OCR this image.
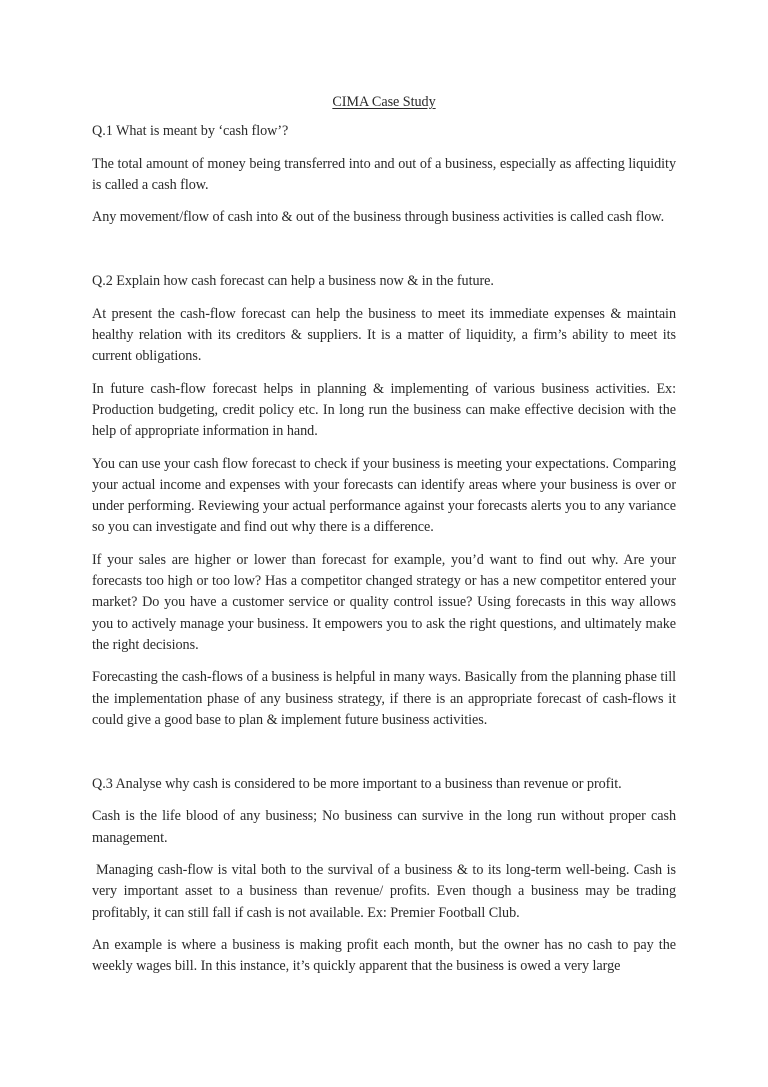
CIMA Case Study
Q.1 What is meant by ‘cash flow’?
The total amount of money being transferred into and out of a business, especially as affecting liquidity is called a cash flow.
Any movement/flow of cash into & out of the business through business activities is called cash flow.
Q.2 Explain how cash forecast can help a business now & in the future.
At present the cash-flow forecast can help the business to meet its immediate expenses & maintain healthy relation with its creditors & suppliers. It is a matter of liquidity, a firm’s ability to meet its current obligations.
In future cash-flow forecast helps in planning & implementing of various business activities. Ex: Production budgeting, credit policy etc. In long run the business can make effective decision with the help of appropriate information in hand.
You can use your cash flow forecast to check if your business is meeting your expectations. Comparing your actual income and expenses with your forecasts can identify areas where your business is over or under performing. Reviewing your actual performance against your forecasts alerts you to any variance so you can investigate and find out why there is a difference.
If your sales are higher or lower than forecast for example, you’d want to find out why. Are your forecasts too high or too low? Has a competitor changed strategy or has a new competitor entered your market? Do you have a customer service or quality control issue? Using forecasts in this way allows you to actively manage your business. It empowers you to ask the right questions, and ultimately make the right decisions.
Forecasting the cash-flows of a business is helpful in many ways. Basically from the planning phase till the implementation phase of any business strategy, if there is an appropriate forecast of cash-flows it could give a good base to plan & implement future business activities.
Q.3 Analyse why cash is considered to be more important to a business than revenue or profit.
Cash is the life blood of any business; No business can survive in the long run without proper cash management.
Managing cash-flow is vital both to the survival of a business & to its long-term well-being. Cash is very important asset to a business than revenue/ profits. Even though a business may be trading profitably, it can still fall if cash is not available. Ex: Premier Football Club.
An example is where a business is making profit each month, but the owner has no cash to pay the weekly wages bill. In this instance, it’s quickly apparent that the business is owed a very large
